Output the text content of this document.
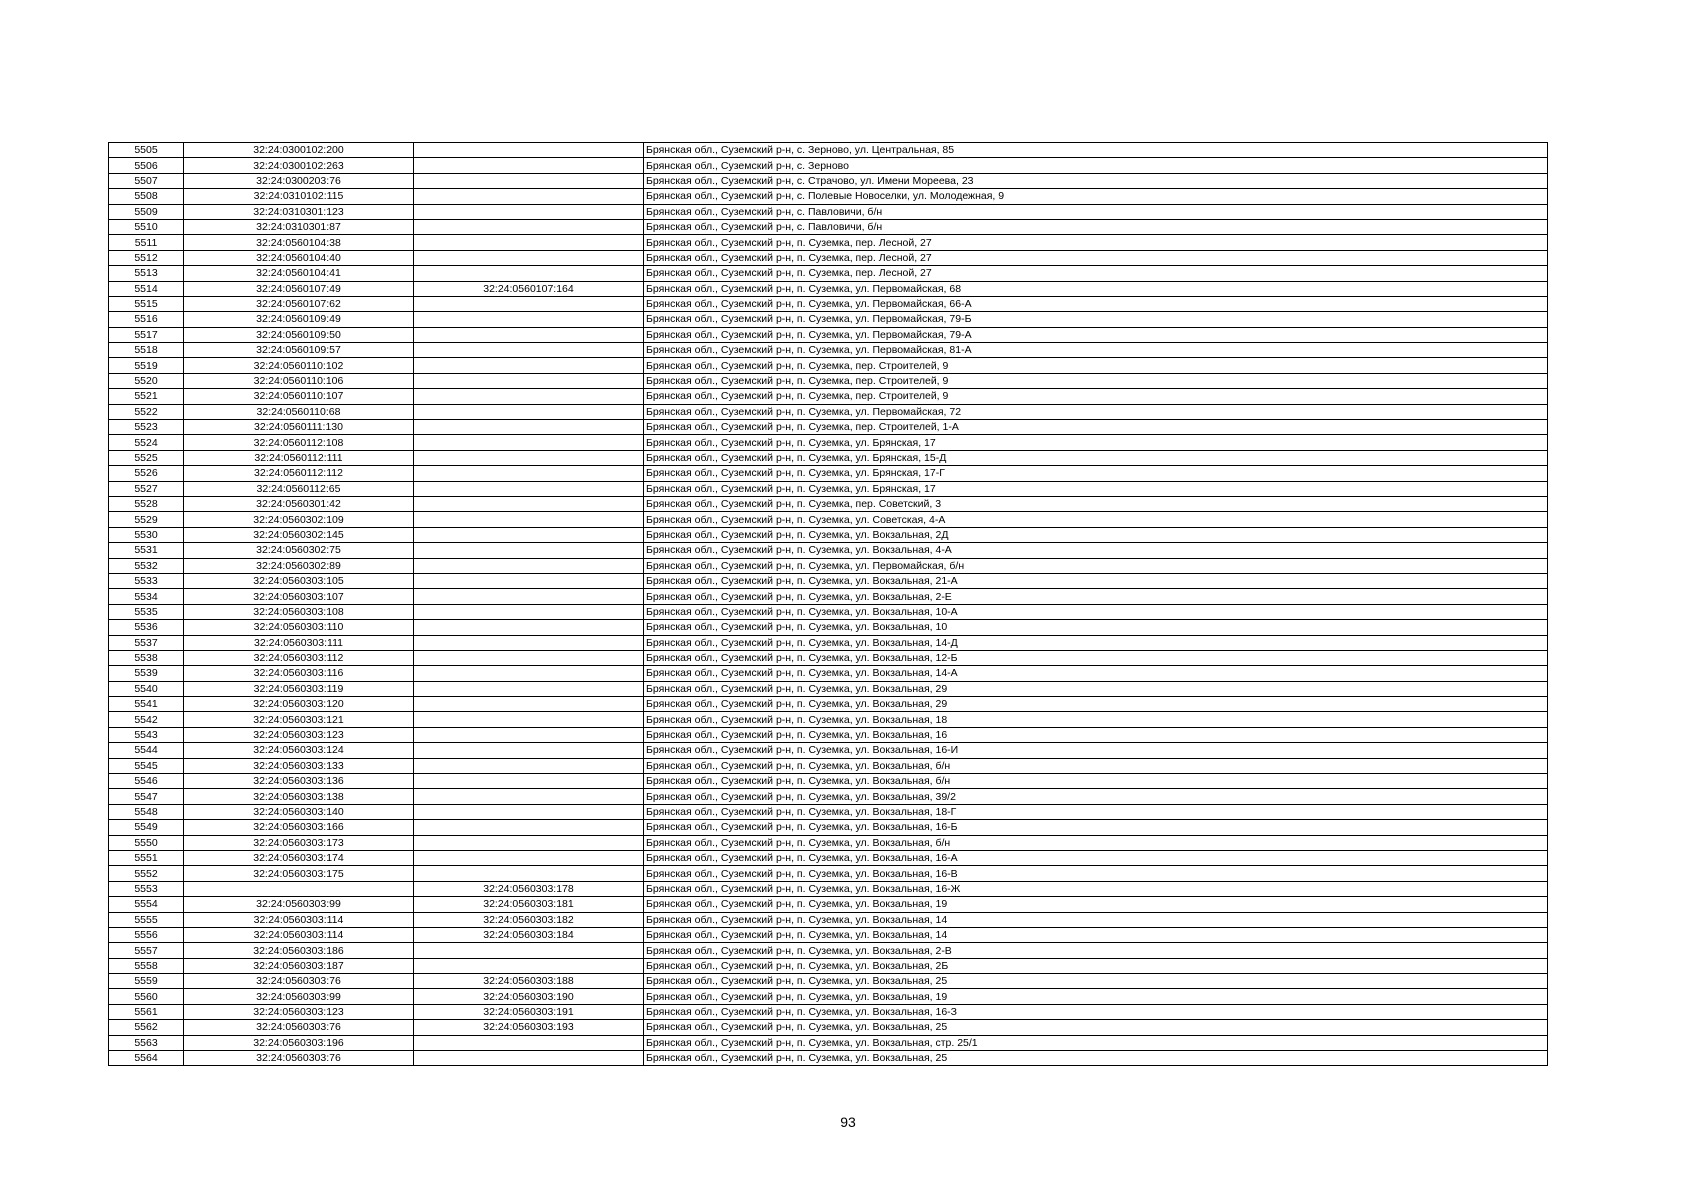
5505	32:24:0300102:200		Брянская обл., Суземский р-н, с. Зерново, ул. Центральная, 85
5506	32:24:0300102:263		Брянская обл., Суземский р-н, с. Зерново
5507	32:24:0300203:76		Брянская обл., Суземский р-н, с. Страчово, ул. Имени Мореева, 23
5508	32:24:0310102:115		Брянская обл., Суземский р-н, с. Полевые Новоселки, ул. Молодежная, 9
5509	32:24:0310301:123		Брянская обл., Суземский р-н, с. Павловичи, б/н
5510	32:24:0310301:87		Брянская обл., Суземский р-н, с. Павловичи, б/н
5511	32:24:0560104:38		Брянская обл., Суземский р-н, п. Суземка, пер. Лесной, 27
5512	32:24:0560104:40		Брянская обл., Суземский р-н, п. Суземка, пер. Лесной, 27
5513	32:24:0560104:41		Брянская обл., Суземский р-н, п. Суземка, пер. Лесной, 27
5514	32:24:0560107:49	32:24:0560107:164	Брянская обл., Суземский р-н, п. Суземка, ул. Первомайская, 68
5515	32:24:0560107:62		Брянская обл., Суземский р-н, п. Суземка, ул. Первомайская, 66-А
5516	32:24:0560109:49		Брянская обл., Суземский р-н, п. Суземка, ул. Первомайская, 79-Б
5517	32:24:0560109:50		Брянская обл., Суземский р-н, п. Суземка, ул. Первомайская, 79-А
5518	32:24:0560109:57		Брянская обл., Суземский р-н, п. Суземка, ул. Первомайская, 81-А
5519	32:24:0560110:102		Брянская обл., Суземский р-н, п. Суземка, пер. Строителей, 9
5520	32:24:0560110:106		Брянская обл., Суземский р-н, п. Суземка, пер. Строителей, 9
5521	32:24:0560110:107		Брянская обл., Суземский р-н, п. Суземка, пер. Строителей, 9
5522	32:24:0560110:68		Брянская обл., Суземский р-н, п. Суземка, ул. Первомайская, 72
5523	32:24:0560111:130		Брянская обл., Суземский р-н, п. Суземка, пер. Строителей, 1-А
5524	32:24:0560112:108		Брянская обл., Суземский р-н, п. Суземка, ул. Брянская, 17
5525	32:24:0560112:111		Брянская обл., Суземский р-н, п. Суземка, ул. Брянская, 15-Д
5526	32:24:0560112:112		Брянская обл., Суземский р-н, п. Суземка, ул. Брянская, 17-Г
5527	32:24:0560112:65		Брянская обл., Суземский р-н, п. Суземка, ул. Брянская, 17
5528	32:24:0560301:42		Брянская обл., Суземский р-н, п. Суземка, пер. Советский, 3
5529	32:24:0560302:109		Брянская обл., Суземский р-н, п. Суземка, ул. Советская, 4-А
5530	32:24:0560302:145		Брянская обл., Суземский р-н, п. Суземка, ул. Вокзальная, 2Д
5531	32:24:0560302:75		Брянская обл., Суземский р-н, п. Суземка, ул. Вокзальная, 4-А
5532	32:24:0560302:89		Брянская обл., Суземский р-н, п. Суземка, ул. Первомайская, б/н
5533	32:24:0560303:105		Брянская обл., Суземский р-н, п. Суземка, ул. Вокзальная, 21-А
5534	32:24:0560303:107		Брянская обл., Суземский р-н, п. Суземка, ул. Вокзальная, 2-Е
5535	32:24:0560303:108		Брянская обл., Суземский р-н, п. Суземка, ул. Вокзальная, 10-А
5536	32:24:0560303:110		Брянская обл., Суземский р-н, п. Суземка, ул. Вокзальная, 10
5537	32:24:0560303:111		Брянская обл., Суземский р-н, п. Суземка, ул. Вокзальная, 14-Д
5538	32:24:0560303:112		Брянская обл., Суземский р-н, п. Суземка, ул. Вокзальная, 12-Б
5539	32:24:0560303:116		Брянская обл., Суземский р-н, п. Суземка, ул. Вокзальная, 14-А
5540	32:24:0560303:119		Брянская обл., Суземский р-н, п. Суземка, ул. Вокзальная, 29
5541	32:24:0560303:120		Брянская обл., Суземский р-н, п. Суземка, ул. Вокзальная, 29
5542	32:24:0560303:121		Брянская обл., Суземский р-н, п. Суземка, ул. Вокзальная, 18
5543	32:24:0560303:123		Брянская обл., Суземский р-н, п. Суземка, ул. Вокзальная, 16
5544	32:24:0560303:124		Брянская обл., Суземский р-н, п. Суземка, ул. Вокзальная, 16-И
5545	32:24:0560303:133		Брянская обл., Суземский р-н, п. Суземка, ул. Вокзальная, б/н
5546	32:24:0560303:136		Брянская обл., Суземский р-н, п. Суземка, ул. Вокзальная, б/н
5547	32:24:0560303:138		Брянская обл., Суземский р-н, п. Суземка, ул. Вокзальная, 39/2
5548	32:24:0560303:140		Брянская обл., Суземский р-н, п. Суземка, ул. Вокзальная, 18-Г
5549	32:24:0560303:166		Брянская обл., Суземский р-н, п. Суземка, ул. Вокзальная, 16-Б
5550	32:24:0560303:173		Брянская обл., Суземский р-н, п. Суземка, ул. Вокзальная, б/н
5551	32:24:0560303:174		Брянская обл., Суземский р-н, п. Суземка, ул. Вокзальная, 16-А
5552	32:24:0560303:175		Брянская обл., Суземский р-н, п. Суземка, ул. Вокзальная, 16-В
5553		32:24:0560303:178	Брянская обл., Суземский р-н, п. Суземка, ул. Вокзальная, 16-Ж
5554	32:24:0560303:99	32:24:0560303:181	Брянская обл., Суземский р-н, п. Суземка, ул. Вокзальная, 19
5555	32:24:0560303:114	32:24:0560303:182	Брянская обл., Суземский р-н, п. Суземка, ул. Вокзальная, 14
5556	32:24:0560303:114	32:24:0560303:184	Брянская обл., Суземский р-н, п. Суземка, ул. Вокзальная, 14
5557	32:24:0560303:186		Брянская обл., Суземский р-н, п. Суземка, ул. Вокзальная, 2-В
5558	32:24:0560303:187		Брянская обл., Суземский р-н, п. Суземка, ул. Вокзальная, 2Б
5559	32:24:0560303:76	32:24:0560303:188	Брянская обл., Суземский р-н, п. Суземка, ул. Вокзальная, 25
5560	32:24:0560303:99	32:24:0560303:190	Брянская обл., Суземский р-н, п. Суземка, ул. Вокзальная, 19
5561	32:24:0560303:123	32:24:0560303:191	Брянская обл., Суземский р-н, п. Суземка, ул. Вокзальная, 16-З
5562	32:24:0560303:76	32:24:0560303:193	Брянская обл., Суземский р-н, п. Суземка, ул. Вокзальная, 25
5563	32:24:0560303:196		Брянская обл., Суземский р-н, п. Суземка, ул. Вокзальная, стр. 25/1
5564	32:24:0560303:76		Брянская обл., Суземский р-н, п. Суземка, ул. Вокзальная, 25
93
